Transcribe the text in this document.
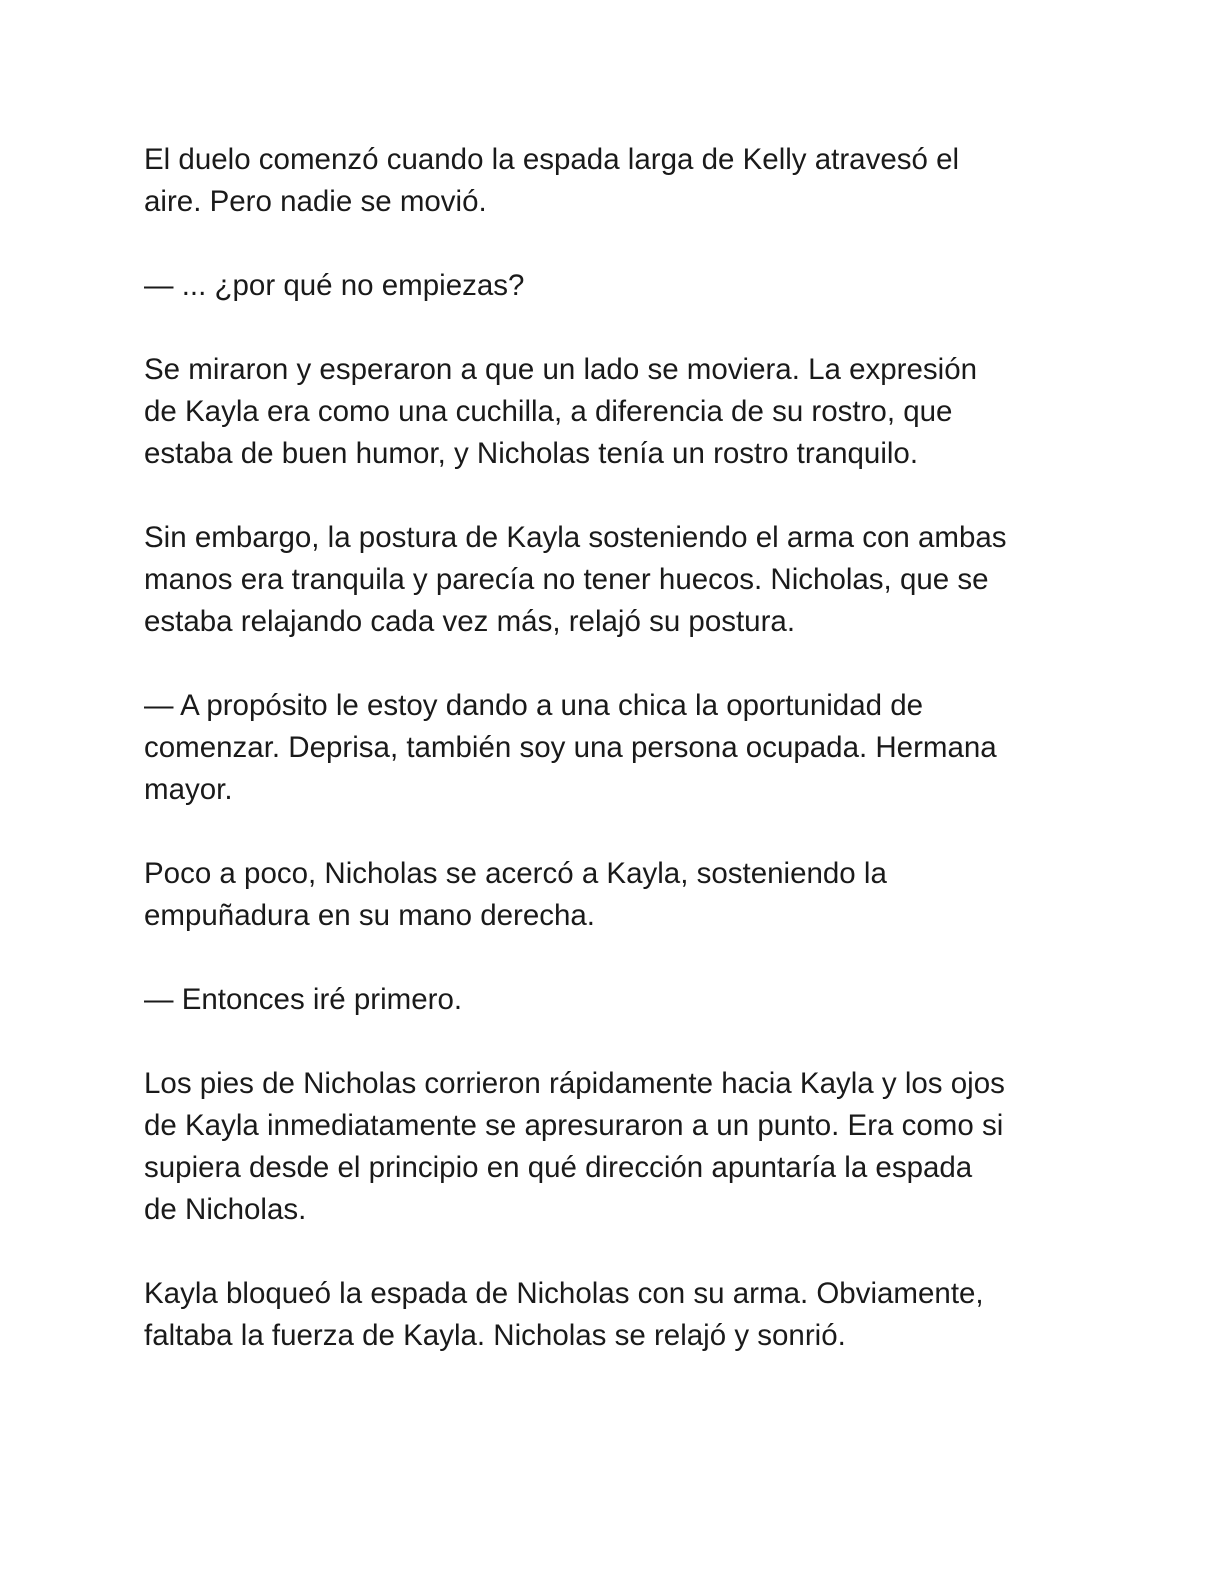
El duelo comenzó cuando la espada larga de Kelly atravesó el
aire. Pero nadie se movió.

— ... ¿por qué no empiezas?

Se miraron y esperaron a que un lado se moviera. La expresión
de Kayla era como una cuchilla, a diferencia de su rostro, que
estaba de buen humor, y Nicholas tenía un rostro tranquilo.

Sin embargo, la postura de Kayla sosteniendo el arma con ambas
manos era tranquila y parecía no tener huecos. Nicholas, que se
estaba relajando cada vez más, relajó su postura.

— A propósito le estoy dando a una chica la oportunidad de
comenzar. Deprisa, también soy una persona ocupada. Hermana
mayor.

Poco a poco, Nicholas se acercó a Kayla, sosteniendo la
empuñadura en su mano derecha.

— Entonces iré primero.

Los pies de Nicholas corrieron rápidamente hacia Kayla y los ojos
de Kayla inmediatamente se apresuraron a un punto. Era como si
supiera desde el principio en qué dirección apuntaría la espada
de Nicholas.

Kayla bloqueó la espada de Nicholas con su arma. Obviamente,
faltaba la fuerza de Kayla. Nicholas se relajó y sonrió.
